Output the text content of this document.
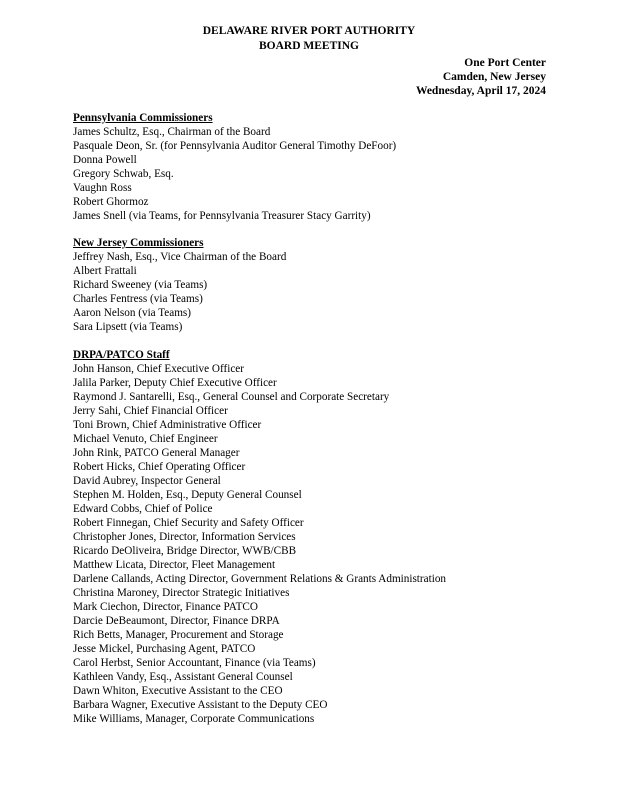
DELAWARE RIVER PORT AUTHORITY
BOARD MEETING
One Port Center
Camden, New Jersey
Wednesday, April 17, 2024
Pennsylvania Commissioners
James Schultz, Esq., Chairman of the Board
Pasquale Deon, Sr. (for Pennsylvania Auditor General Timothy DeFoor)
Donna Powell
Gregory Schwab, Esq.
Vaughn Ross
Robert Ghormoz
James Snell (via Teams, for Pennsylvania Treasurer Stacy Garrity)
New Jersey Commissioners
Jeffrey Nash, Esq., Vice Chairman of the Board
Albert Frattali
Richard Sweeney (via Teams)
Charles Fentress (via Teams)
Aaron Nelson (via Teams)
Sara Lipsett (via Teams)
DRPA/PATCO Staff
John Hanson, Chief Executive Officer
Jalila Parker, Deputy Chief Executive Officer
Raymond J. Santarelli, Esq., General Counsel and Corporate Secretary
Jerry Sahi, Chief Financial Officer
Toni Brown, Chief Administrative Officer
Michael Venuto, Chief Engineer
John Rink, PATCO General Manager
Robert Hicks, Chief Operating Officer
David Aubrey, Inspector General
Stephen M. Holden, Esq., Deputy General Counsel
Edward Cobbs, Chief of Police
Robert Finnegan, Chief Security and Safety Officer
Christopher Jones, Director, Information Services
Ricardo DeOliveira, Bridge Director, WWB/CBB
Matthew Licata, Director, Fleet Management
Darlene Callands, Acting Director, Government Relations & Grants Administration
Christina Maroney, Director Strategic Initiatives
Mark Ciechon, Director, Finance PATCO
Darcie DeBeaumont, Director, Finance DRPA
Rich Betts, Manager, Procurement and Storage
Jesse Mickel, Purchasing Agent, PATCO
Carol Herbst, Senior Accountant, Finance (via Teams)
Kathleen Vandy, Esq., Assistant General Counsel
Dawn Whiton, Executive Assistant to the CEO
Barbara Wagner, Executive Assistant to the Deputy CEO
Mike Williams, Manager, Corporate Communications
